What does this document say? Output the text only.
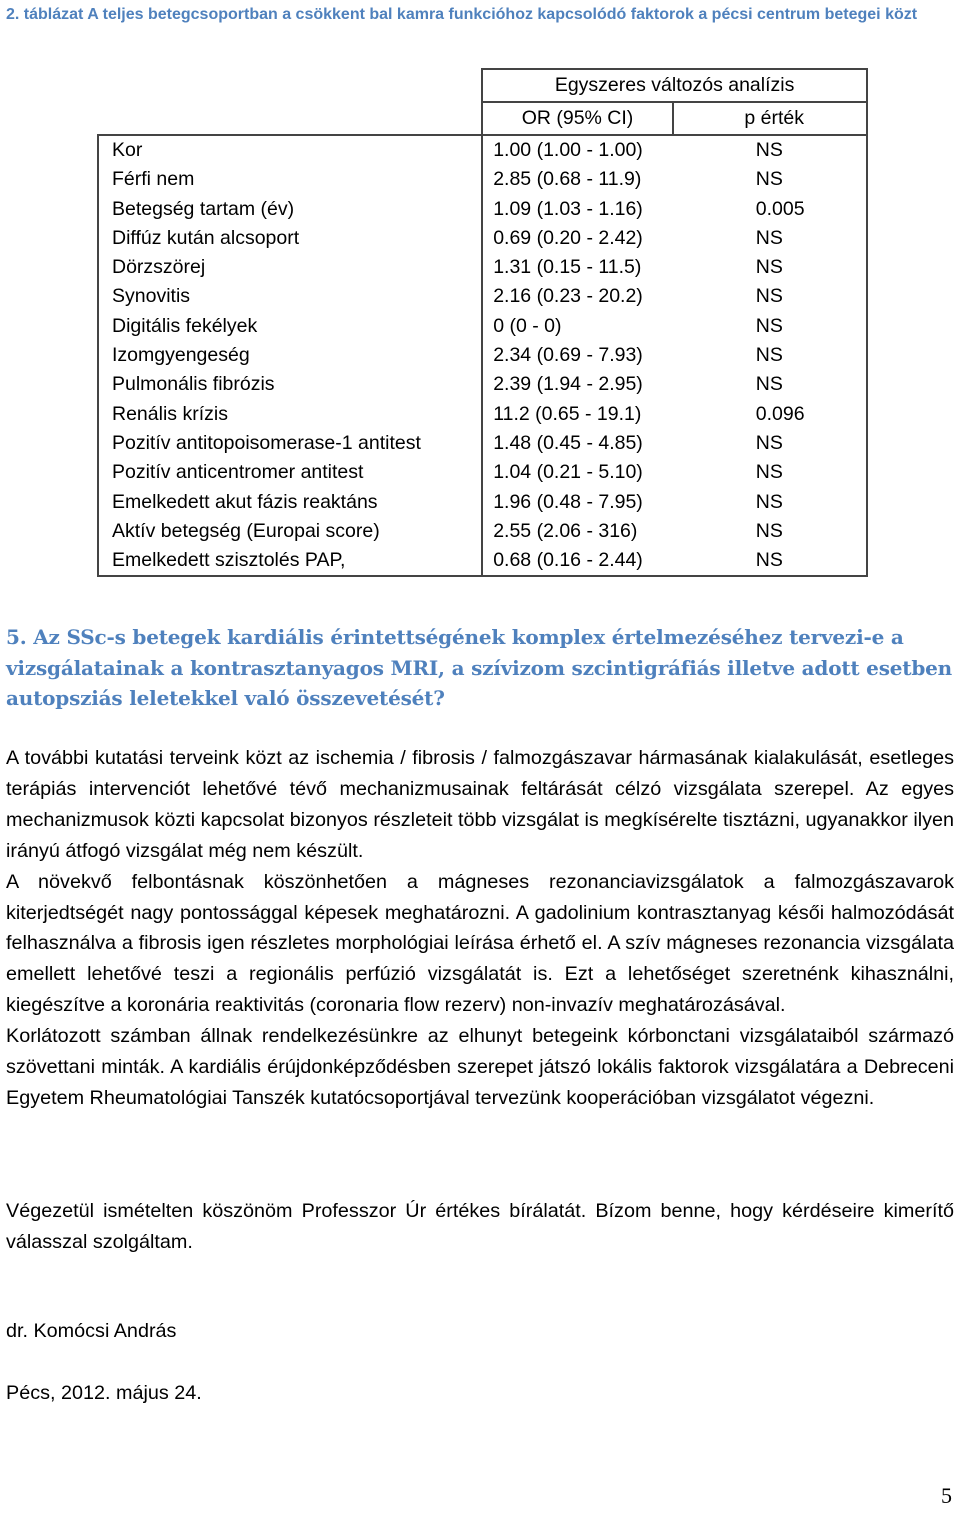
2. táblázat A teljes betegcsoportban a csökkent bal kamra funkcióhoz kapcsolódó faktorok a pécsi centrum betegei közt
	Egyszeres változós analízis	
	OR (95% CI)	p érték
Kor	1.00 (1.00 - 1.00)	NS
Férfi nem	2.85 (0.68 - 11.9)	NS
Betegség tartam (év)	1.09 (1.03 - 1.16)	0.005
Diffúz kután alcsoport	0.69 (0.20 - 2.42)	NS
Dörzszörej	1.31 (0.15 - 11.5)	NS
Synovitis	2.16 (0.23 - 20.2)	NS
Digitális fekélyek	0 (0 - 0)	NS
Izomgyengeség	2.34 (0.69 - 7.93)	NS
Pulmonális fibrózis	2.39 (1.94 - 2.95)	NS
Renális krízis	11.2 (0.65 - 19.1)	0.096
Pozitív antitopoisomerase-1 antitest	1.48 (0.45 - 4.85)	NS
Pozitív anticentromer antitest	1.04 (0.21 - 5.10)	NS
Emelkedett akut fázis reaktáns	1.96 (0.48 - 7.95)	NS
Aktív betegség (Europai score)	2.55 (2.06 - 316)	NS
Emelkedett szisztolés PAP,	0.68 (0.16 - 2.44)	NS
5. Az SSc-s betegek kardiális érintettségének komplex értelmezéséhez tervezi-e a vizsgálatainak a kontrasztanyagos MRI, a szívizom szcintigráfiás illetve adott esetben autopsziás leletekkel való összevetését?

A további kutatási terveink közt az ischemia / fibrosis / falmozgászavar hármasának kialakulását, esetleges terápiás intervenciót lehetővé tévő mechanizmusainak feltárását célzó vizsgálata szerepel. Az egyes mechanizmusok közti kapcsolat bizonyos részleteit több vizsgálat is megkísérelte tisztázni, ugyanakkor ilyen irányú átfogó vizsgálat még nem készült.

A növekvő felbontásnak köszönhetően a mágneses rezonanciavizsgálatok a falmozgászavarok kiterjedtségét nagy pontossággal képesek meghatározni. A gadolinium kontrasztanyag késői halmozódását felhasználva a fibrosis igen részletes morphológiai leírása érhető el. A szív mágneses rezonancia vizsgálata emellett lehetővé teszi a regionális perfúzió vizsgálatát is. Ezt a lehetőséget szeretnénk kihasználni, kiegészítve a koronária reaktivitás (coronaria flow rezerv) non-invazív meghatározásával.

Korlátozott számban állnak rendelkezésünkre az elhunyt betegeink kórbonctani vizsgálataiból származó szövettani minták. A kardiális érújdonképződésben szerepet játszó lokális faktorok vizsgálatára a Debreceni Egyetem Rheumatológiai Tanszék kutatócsoportjával tervezünk kooperációban vizsgálatot végezni.

Végezetül ismételten köszönöm Professzor Úr értékes bírálatát. Bízom benne, hogy kérdéseire kimerítő válasszal szolgáltam.
dr. Komócsi András
Pécs, 2012. május 24.
5
